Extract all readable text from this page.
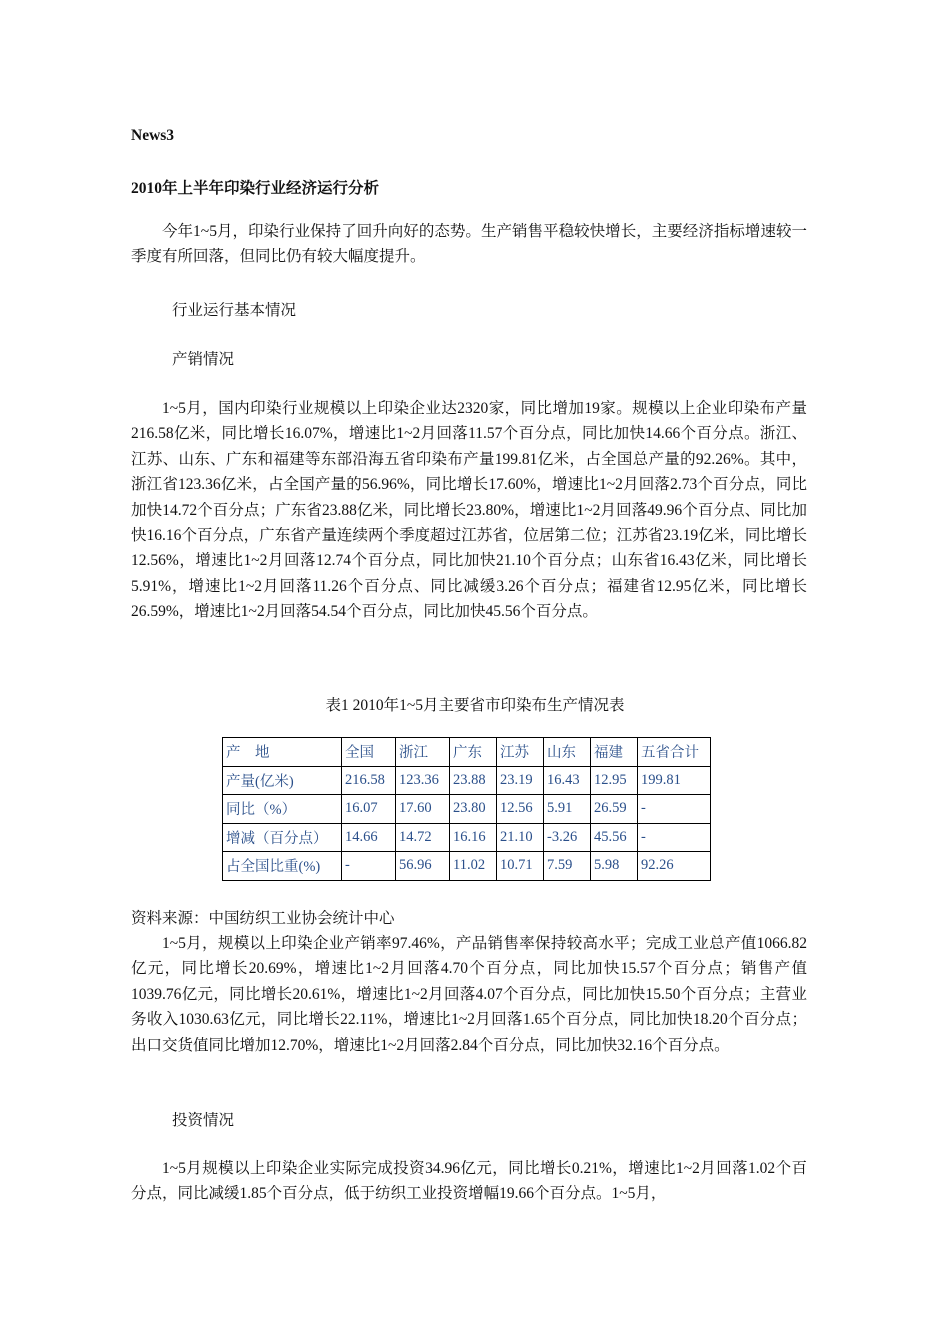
News3

2010年上半年印染行业经济运行分析

今年1~5月，印染行业保持了回升向好的态势。生产销售平稳较快增长，主要经济指标增速较一季度有所回落，但同比仍有较大幅度提升。

行业运行基本情况

产销情况

1~5月，国内印染行业规模以上印染企业达2320家，同比增加19家。规模以上企业印染布产量216.58亿米，同比增长16.07%，增速比1~2月回落11.57个百分点，同比加快14.66个百分点。浙江、江苏、山东、广东和福建等东部沿海五省印染布产量199.81亿米，占全国总产量的92.26%。其中，浙江省123.36亿米，占全国产量的56.96%，同比增长17.60%，增速比1~2月回落2.73个百分点，同比加快14.72个百分点；广东省23.88亿米，同比增长23.80%，增速比1~2月回落49.96个百分点、同比加快16.16个百分点，广东省产量连续两个季度超过江苏省，位居第二位；江苏省23.19亿米，同比增长12.56%，增速比1~2月回落12.74个百分点，同比加快21.10个百分点；山东省16.43亿米，同比增长5.91%，增速比1~2月回落11.26个百分点、同比减缓3.26个百分点；福建省12.95亿米，同比增长26.59%，增速比1~2月回落54.54个百分点，同比加快45.56个百分点。

表1 2010年1~5月主要省市印染布生产情况表

产　地	全国	浙江	广东	江苏	山东	福建	五省合计
产量(亿米)	216.58	123.36	23.88	23.19	16.43	12.95	199.81
同比（%）	16.07	17.60	23.80	12.56	5.91	26.59	-
增减（百分点）	14.66	14.72	16.16	21.10	-3.26	45.56	-
占全国比重(%)	-	56.96	11.02	10.71	7.59	5.98	92.26

资料来源：中国纺织工业协会统计中心

1~5月，规模以上印染企业产销率97.46%，产品销售率保持较高水平；完成工业总产值1066.82亿元，同比增长20.69%，增速比1~2月回落4.70个百分点，同比加快15.57个百分点；销售产值1039.76亿元，同比增长20.61%，增速比1~2月回落4.07个百分点，同比加快15.50个百分点；主营业务收入1030.63亿元，同比增长22.11%，增速比1~2月回落1.65个百分点，同比加快18.20个百分点；出口交货值同比增加12.70%，增速比1~2月回落2.84个百分点，同比加快32.16个百分点。

投资情况

1~5月规模以上印染企业实际完成投资34.96亿元，同比增长0.21%，增速比1~2月回落1.02个百分点，同比减缓1.85个百分点，低于纺织工业投资增幅19.66个百分点。1~5月，
